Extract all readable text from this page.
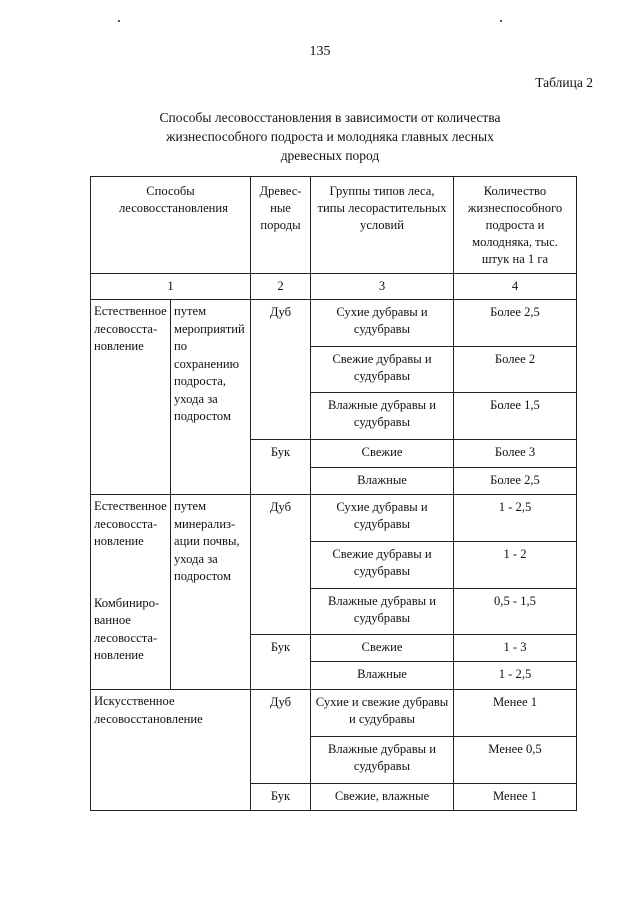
135
Таблица 2
Способы лесовосстановления в зависимости от количества
жизнеспособного подроста и молодняка главных лесных
древесных пород
Способы лесовосстановления		Древес-ные породы	Группы типов леса, типы лесорастительных условий	Количество жизнеспособного подроста и молодняка, тыс. штук на 1 га
1		2	3	4
Естественное лесовосста-новление	путем мероприятий по сохранению подроста, ухода за подростом	Дуб	Сухие дубравы и судубравы	Более 2,5
			Свежие дубравы и судубравы	Более 2
			Влажные дубравы и судубравы	Более 1,5
		Бук	Свежие	Более 3
			Влажные	Более 2,5
Естественное лесовосста-новление
Комбиниро-ванное лесовосста-новление	путем минерализ-ации почвы, ухода за подростом	Дуб	Сухие дубравы и судубравы	1 - 2,5
			Свежие дубравы и судубравы	1 - 2
			Влажные дубравы и судубравы	0,5 - 1,5
		Бук	Свежие	1 - 3
			Влажные	1 - 2,5
Искусственное лесовосстановление		Дуб	Сухие и свежие дубравы и судубравы	Менее 1
			Влажные дубравы и судубравы	Менее 0,5
		Бук	Свежие, влажные	Менее 1
